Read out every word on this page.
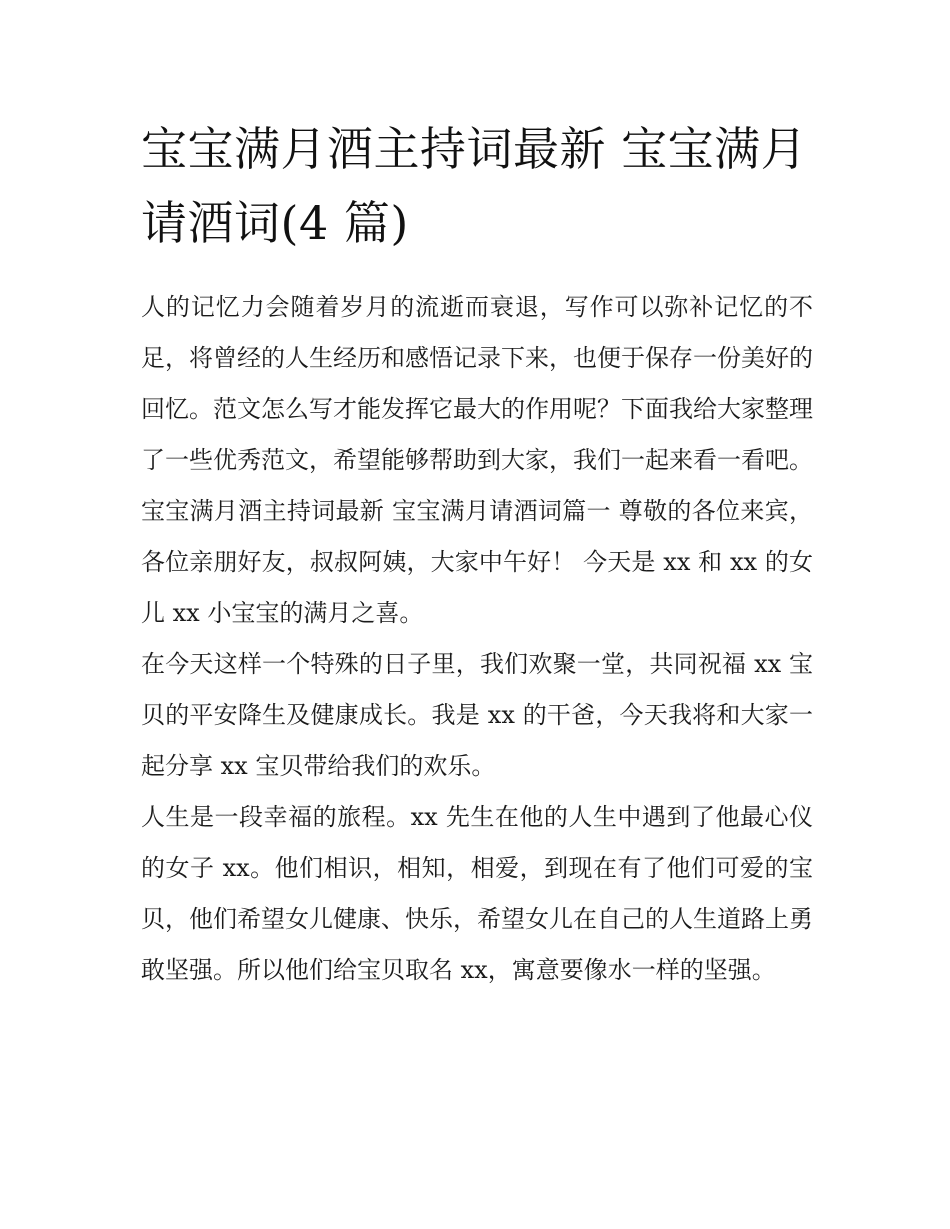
宝宝满月酒主持词最新 宝宝满月请酒词(4 篇)

人的记忆力会随着岁月的流逝而衰退，写作可以弥补记忆的不足，将曾经的人生经历和感悟记录下来，也便于保存一份美好的回忆。范文怎么写才能发挥它最大的作用呢？下面我给大家整理了一些优秀范文，希望能够帮助到大家，我们一起来看一看吧。

宝宝满月酒主持词最新 宝宝满月请酒词篇一 尊敬的各位来宾，各位亲朋好友，叔叔阿姨，大家中午好！ 今天是 xx 和 xx 的女儿 xx 小宝宝的满月之喜。

在今天这样一个特殊的日子里，我们欢聚一堂，共同祝福 xx 宝贝的平安降生及健康成长。我是 xx 的干爸，今天我将和大家一起分享 xx 宝贝带给我们的欢乐。

人生是一段幸福的旅程。xx 先生在他的人生中遇到了他最心仪的女子 xx。他们相识，相知，相爱，到现在有了他们可爱的宝贝，他们希望女儿健康、快乐，希望女儿在自己的人生道路上勇敢坚强。所以他们给宝贝取名 xx，寓意要像水一样的坚强。
